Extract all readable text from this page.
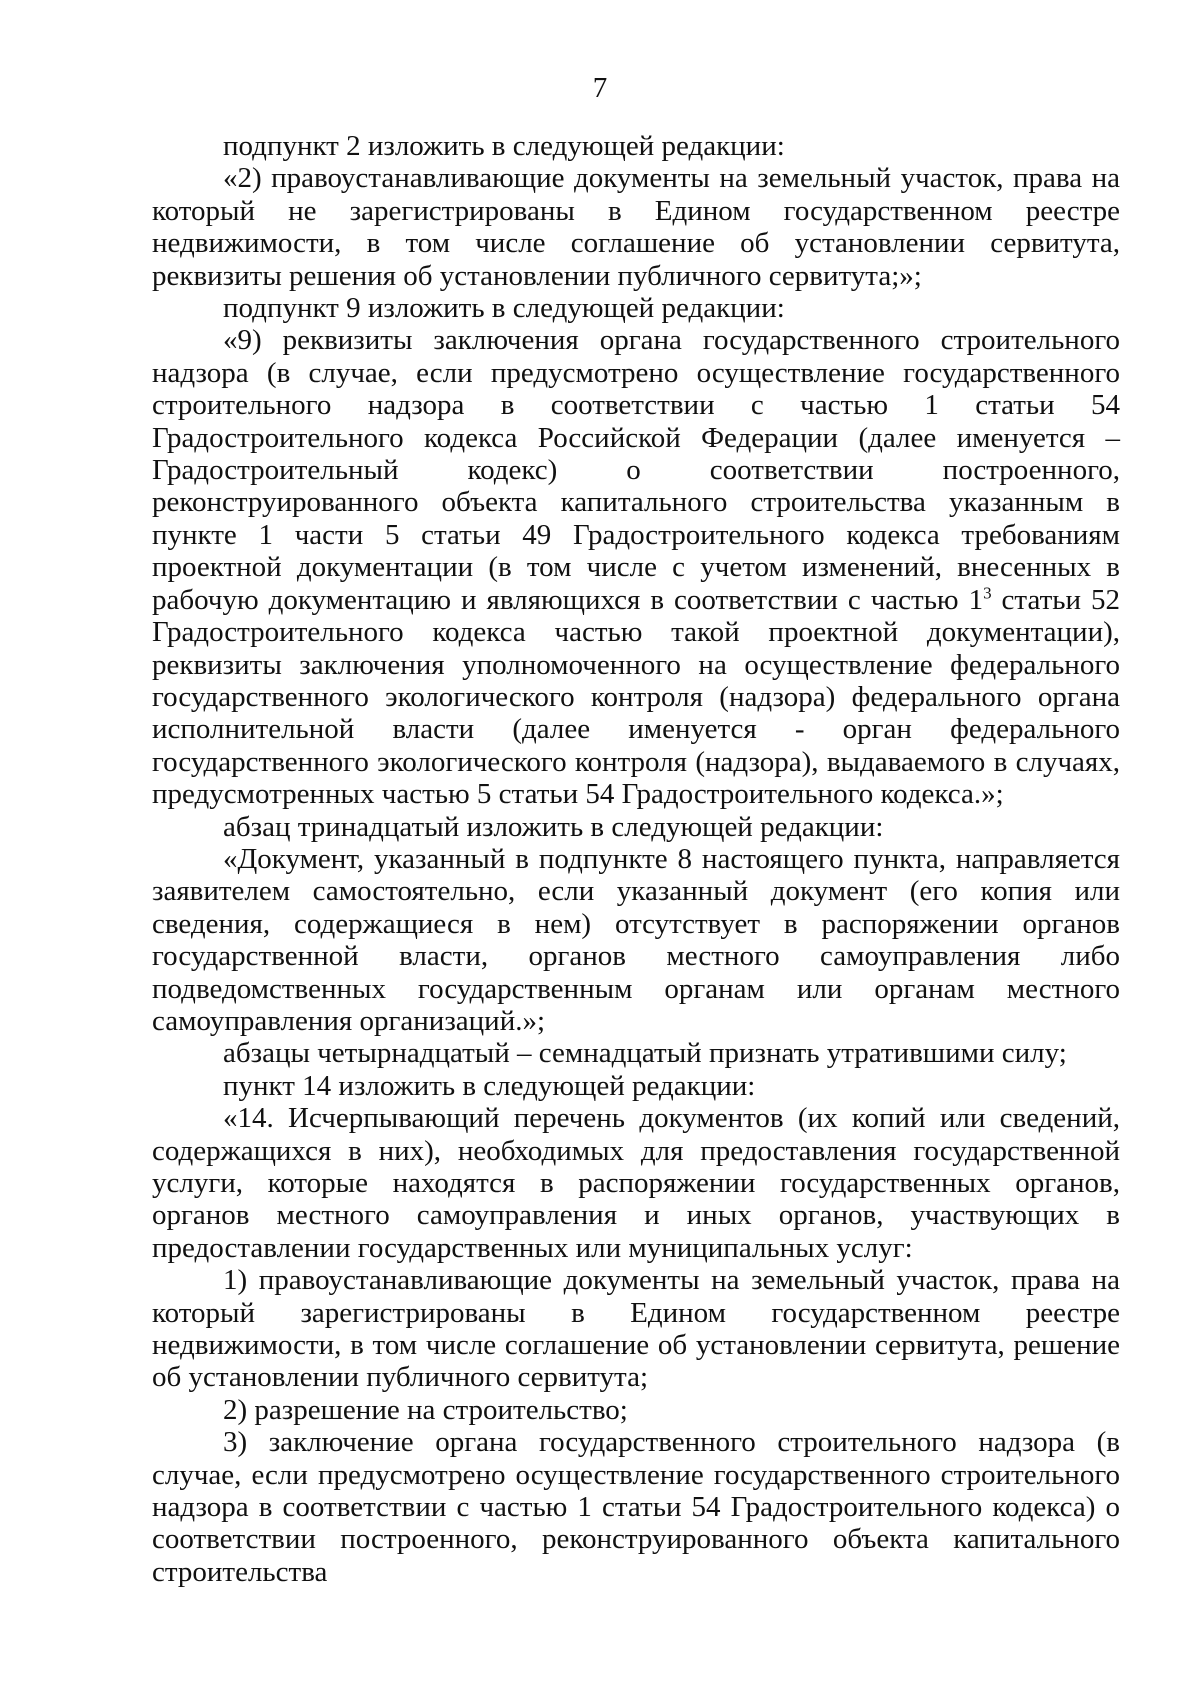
7

подпункт 2 изложить в следующей редакции:

«2) правоустанавливающие документы на земельный участок, права на который не зарегистрированы в Едином государственном реестре недвижимости, в том числе соглашение об установлении сервитута, реквизиты решения об установлении публичного сервитута;»;

подпункт 9 изложить в следующей редакции:

«9) реквизиты заключения органа государственного строительного надзора (в случае, если предусмотрено осуществление государственного строительного надзора в соответствии с частью 1 статьи 54 Градостроительного кодекса Российской Федерации (далее именуется – Градостроительный кодекс) о соответствии построенного, реконструированного объекта капитального строительства указанным в пункте 1 части 5 статьи 49 Градостроительного кодекса требованиям проектной документации (в том числе с учетом изменений, внесенных в рабочую документацию и являющихся в соответствии с частью $1^3$ статьи 52 Градостроительного кодекса частью такой проектной документации), реквизиты заключения уполномоченного на осуществление федерального государственного экологического контроля (надзора) федерального органа исполнительной власти (далее именуется - орган федерального государственного экологического контроля (надзора), выдаваемого в случаях, предусмотренных частью 5 статьи 54 Градостроительного кодекса.»;

абзац тринадцатый изложить в следующей редакции:

«Документ, указанный в подпункте 8 настоящего пункта, направляется заявителем самостоятельно, если указанный документ (его копия или сведения, содержащиеся в нем) отсутствует в распоряжении органов государственной власти, органов местного самоуправления либо подведомственных государственным органам или органам местного самоуправления организаций.»;

абзацы четырнадцатый – семнадцатый признать утратившими силу;

пункт 14 изложить в следующей редакции:

«14. Исчерпывающий перечень документов (их копий или сведений, содержащихся в них), необходимых для предоставления государственной услуги, которые находятся в распоряжении государственных органов, органов местного самоуправления и иных органов, участвующих в предоставлении государственных или муниципальных услуг:

1) правоустанавливающие документы на земельный участок, права на который зарегистрированы в Едином государственном реестре недвижимости, в том числе соглашение об установлении сервитута, решение об установлении публичного сервитута;

2) разрешение на строительство;

3) заключение органа государственного строительного надзора (в случае, если предусмотрено осуществление государственного строительного надзора в соответствии с частью 1 статьи 54 Градостроительного кодекса) о соответствии построенного, реконструированного объекта капитального строительства
